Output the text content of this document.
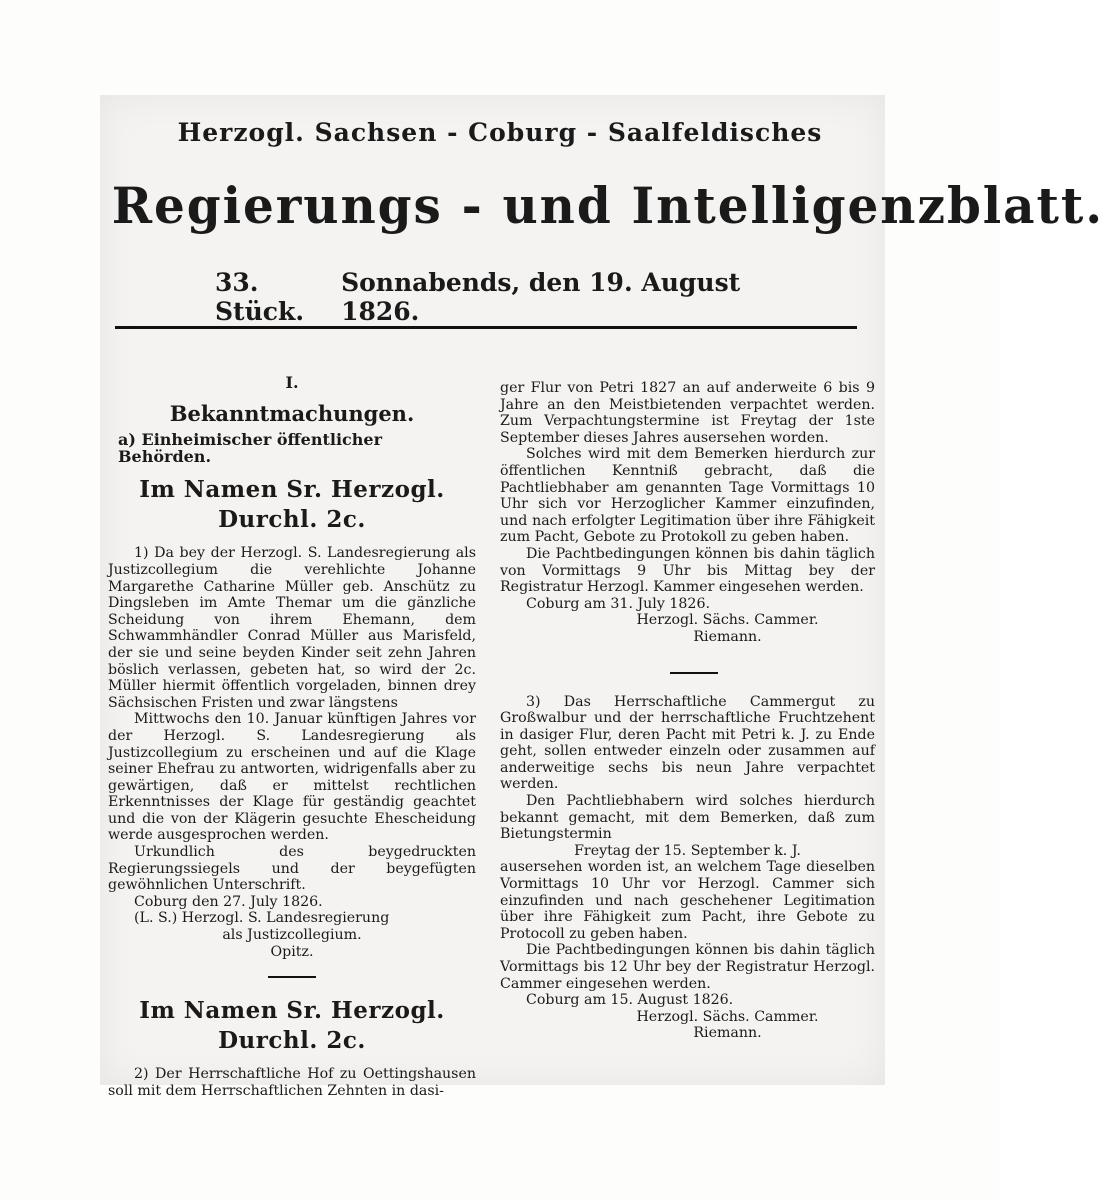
Herzogl. Sachsen - Coburg - Saalfeldisches
Regierungs - und Intelligenzblatt.
33. Stück.
Sonnabends, den 19. August 1826.

I.

Bekanntmachungen.

a) Einheimischer öffentlicher Behörden.

Im Namen Sr. Herzogl. Durchl. 2c.

1) Da bey der Herzogl. S. Landesregierung als Justizcollegium die verehlichte Johanne Margarethe Catharine Müller geb. Anschütz zu Dingsleben im Amte Themar um die gänzliche Scheidung von ihrem Ehemann, dem Schwammhändler Conrad Müller aus Marisfeld, der sie und seine beyden Kinder seit zehn Jahren böslich verlassen, gebeten hat, so wird der 2c. Müller hiermit öffentlich vorgeladen, binnen drey Sächsischen Fristen und zwar längstens

Mittwochs den 10. Januar künftigen Jahres vor der Herzogl. S. Landesregierung als Justizcollegium zu erscheinen und auf die Klage seiner Ehefrau zu antworten, widrigenfalls aber zu gewärtigen, daß er mittelst rechtlichen Erkenntnisses der Klage für geständig geachtet und die von der Klägerin gesuchte Ehescheidung werde ausgesprochen werden.

Urkundlich des beygedruckten Regierungssiegels und der beygefügten gewöhnlichen Unterschrift.

Coburg den 27. July 1826.

(L. S.) Herzogl. S. Landesregierung

als Justizcollegium.

Opitz.

Im Namen Sr. Herzogl. Durchl. 2c.

2) Der Herrschaftliche Hof zu Oettingshausen soll mit dem Herrschaftlichen Zehnten in dasi-

ger Flur von Petri 1827 an auf anderweite 6 bis 9 Jahre an den Meistbietenden verpachtet werden. Zum Verpachtungstermine ist Freytag der 1ste September dieses Jahres ausersehen worden.

Solches wird mit dem Bemerken hierdurch zur öffentlichen Kenntniß gebracht, daß die Pachtliebhaber am genannten Tage Vormittags 10 Uhr sich vor Herzoglicher Kammer einzufinden, und nach erfolgter Legitimation über ihre Fähigkeit zum Pacht, Gebote zu Protokoll zu geben haben.

Die Pachtbedingungen können bis dahin täglich von Vormittags 9 Uhr bis Mittag bey der Registratur Herzogl. Kammer eingesehen werden.

Coburg am 31. July 1826.

Herzogl. Sächs. Cammer.

Riemann.

3) Das Herrschaftliche Cammergut zu Großwalbur und der herrschaftliche Fruchtzehent in dasiger Flur, deren Pacht mit Petri k. J. zu Ende geht, sollen entweder einzeln oder zusammen auf anderweitige sechs bis neun Jahre verpachtet werden.

Den Pachtliebhabern wird solches hierdurch bekannt gemacht, mit dem Bemerken, daß zum Bietungstermin

Freytag der 15. September k. J.

ausersehen worden ist, an welchem Tage dieselben Vormittags 10 Uhr vor Herzogl. Cammer sich einzufinden und nach geschehener Legitimation über ihre Fähigkeit zum Pacht, ihre Gebote zu Protocoll zu geben haben.

Die Pachtbedingungen können bis dahin täglich Vormittags bis 12 Uhr bey der Registratur Herzogl. Cammer eingesehen werden.

Coburg am 15. August 1826.

Herzogl. Sächs. Cammer.

Riemann.
